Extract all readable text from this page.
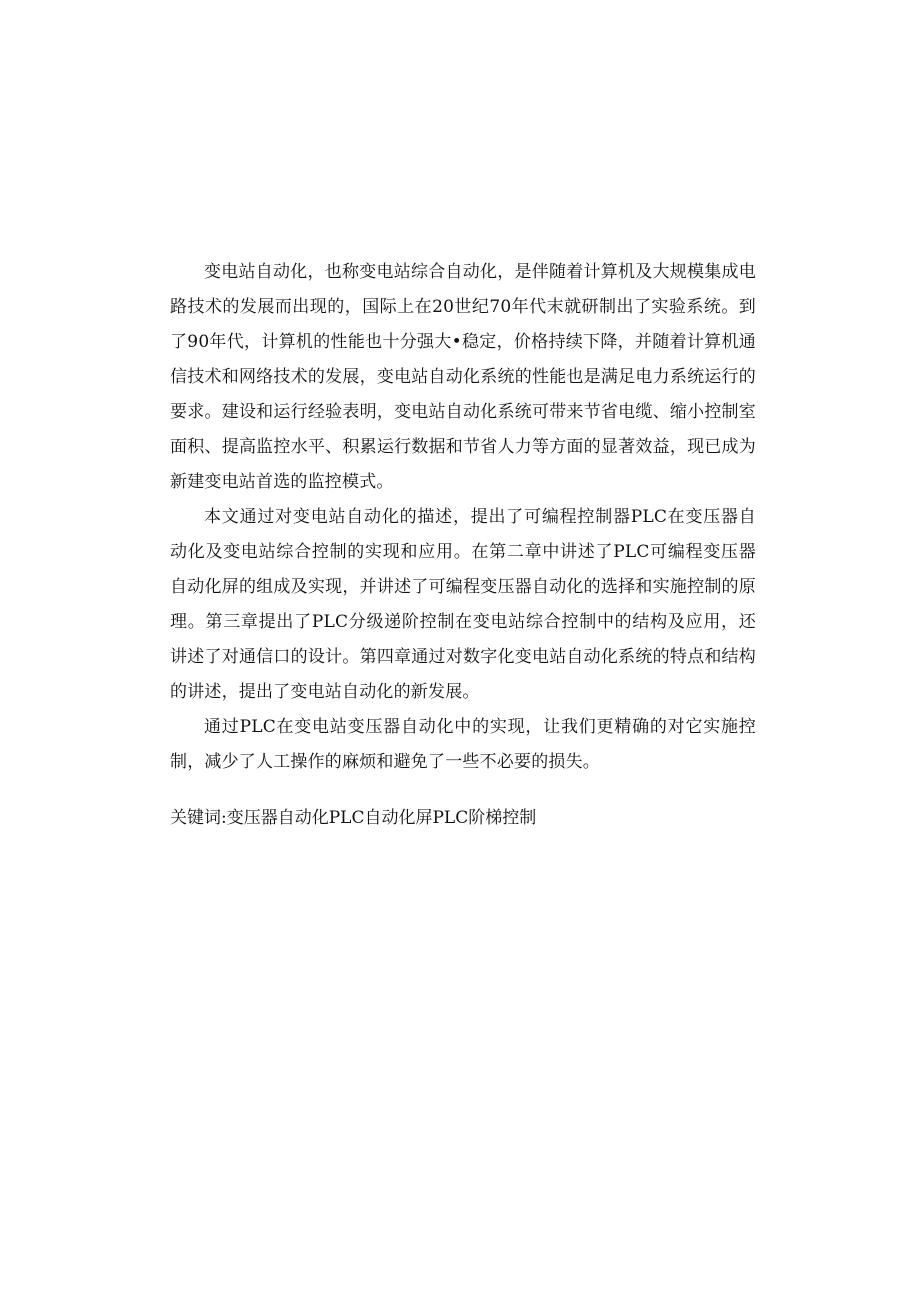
变电站自动化，也称变电站综合自动化，是伴随着计算机及大规模集成电路技术的发展而出现的，国际上在20世纪70年代末就研制出了实验系统。到了90年代，计算机的性能也十分强大•稳定，价格持续下降，并随着计算机通信技术和网络技术的发展，变电站自动化系统的性能也是满足电力系统运行的要求。建设和运行经验表明，变电站自动化系统可带来节省电缆、缩小控制室面积、提高监控水平、积累运行数据和节省人力等方面的显著效益，现已成为新建变电站首选的监控模式。

本文通过对变电站自动化的描述，提出了可编程控制器PLC在变压器自动化及变电站综合控制的实现和应用。在第二章中讲述了PLC可编程变压器自动化屏的组成及实现，并讲述了可编程变压器自动化的选择和实施控制的原理。第三章提出了PLC分级递阶控制在变电站综合控制中的结构及应用，还讲述了对通信口的设计。第四章通过对数字化变电站自动化系统的特点和结构的讲述，提出了变电站自动化的新发展。

通过PLC在变电站变压器自动化中的实现，让我们更精确的对它实施控制，减少了人工操作的麻烦和避免了一些不必要的损失。

关键词:变压器自动化PLC自动化屏PLC阶梯控制
